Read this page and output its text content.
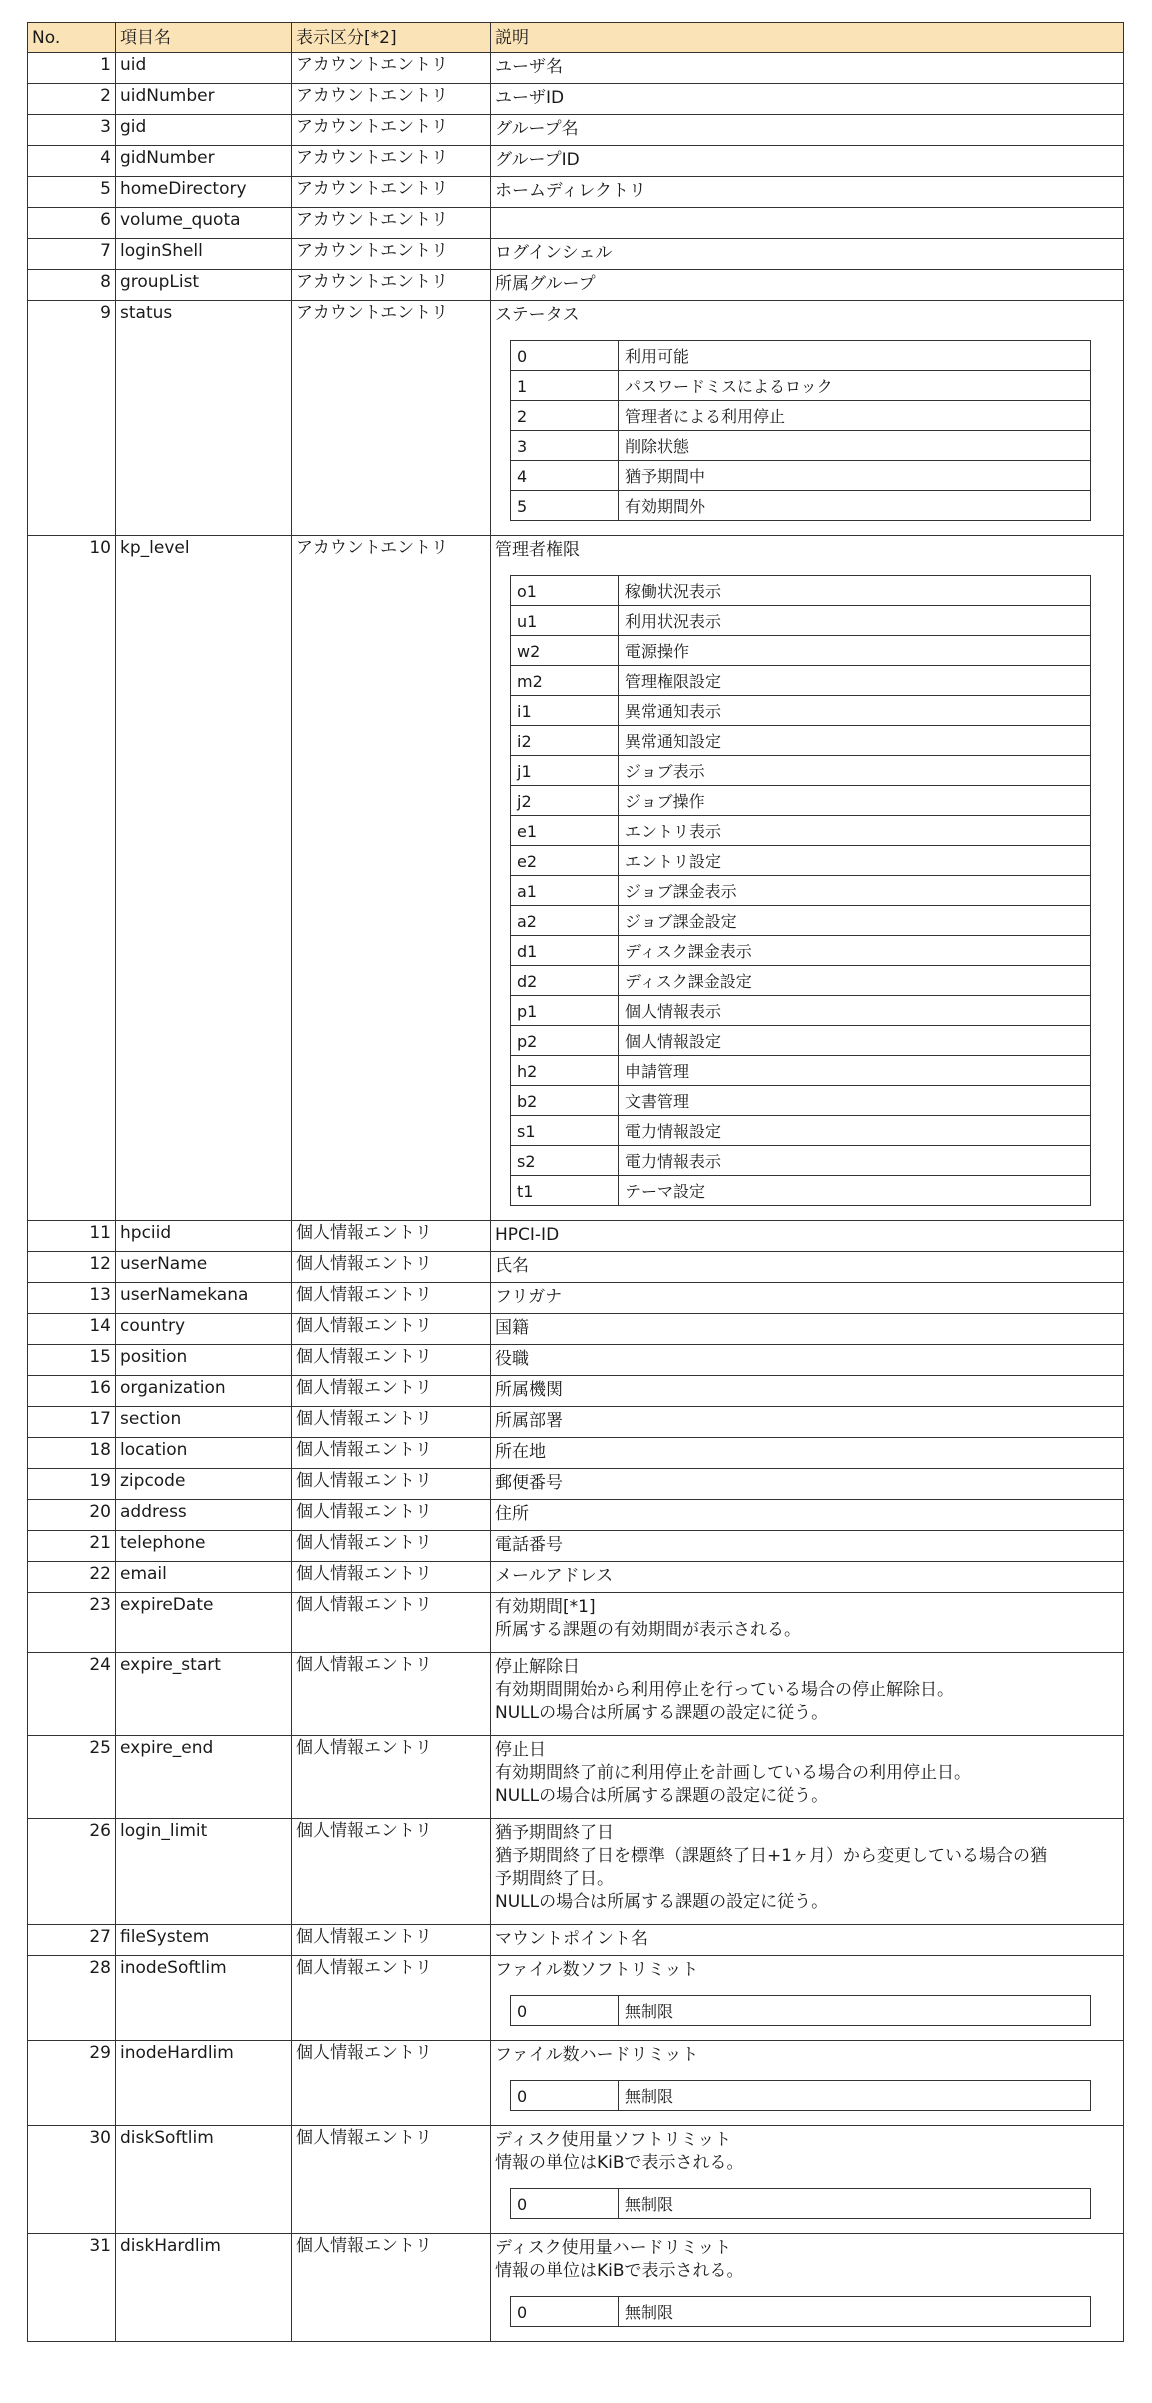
No.	項目名	表示区分[*2]	説明
1	uid	アカウントエントリ	ユーザ名

2	uidNumber	アカウントエントリ	ユーザID

3	gid	アカウントエントリ	グループ名

4	gidNumber	アカウントエントリ	グループID

5	homeDirectory	アカウントエントリ	ホームディレクトリ

6	volume_quota	アカウントエントリ	

7	loginShell	アカウントエントリ	ログインシェル

8	groupList	アカウントエントリ	所属グループ

9	status	アカウントエントリ	ステータス
0	利用可能
1	パスワードミスによるロック
2	管理者による利用停止
3	削除状態
4	猶予期間中
5	有効期間外

10	kp_level	アカウントエントリ	管理者権限
o1	稼働状況表示
u1	利用状況表示
w2	電源操作
m2	管理権限設定
i1	異常通知表示
i2	異常通知設定
j1	ジョブ表示
j2	ジョブ操作
e1	エントリ表示
e2	エントリ設定
a1	ジョブ課金表示
a2	ジョブ課金設定
d1	ディスク課金表示
d2	ディスク課金設定
p1	個人情報表示
p2	個人情報設定
h2	申請管理
b2	文書管理
s1	電力情報設定
s2	電力情報表示
t1	テーマ設定

11	hpciid	個人情報エントリ	HPCI-ID

12	userName	個人情報エントリ	氏名

13	userNamekana	個人情報エントリ	フリガナ

14	country	個人情報エントリ	国籍

15	position	個人情報エントリ	役職

16	organization	個人情報エントリ	所属機関

17	section	個人情報エントリ	所属部署

18	location	個人情報エントリ	所在地

19	zipcode	個人情報エントリ	郵便番号

20	address	個人情報エントリ	住所

21	telephone	個人情報エントリ	電話番号

22	email	個人情報エントリ	メールアドレス

23	expireDate	個人情報エントリ	有効期間[*1]
所属する課題の有効期間が表示される。

24	expire_start	個人情報エントリ	停止解除日
有効期間開始から利用停止を行っている場合の停止解除日。
NULLの場合は所属する課題の設定に従う。

25	expire_end	個人情報エントリ	停止日
有効期間終了前に利用停止を計画している場合の利用停止日。
NULLの場合は所属する課題の設定に従う。

26	login_limit	個人情報エントリ	猶予期間終了日
猶予期間終了日を標準（課題終了日+1ヶ月）から変更している場合の猶
予期間終了日。
NULLの場合は所属する課題の設定に従う。

27	fileSystem	個人情報エントリ	マウントポイント名

28	inodeSoftlim	個人情報エントリ	ファイル数ソフトリミット
0	無制限

29	inodeHardlim	個人情報エントリ	ファイル数ハードリミット
0	無制限

30	diskSoftlim	個人情報エントリ	ディスク使用量ソフトリミット
情報の単位はKiBで表示される。
0	無制限

31	diskHardlim	個人情報エントリ	ディスク使用量ハードリミット
情報の単位はKiBで表示される。
0	無制限
